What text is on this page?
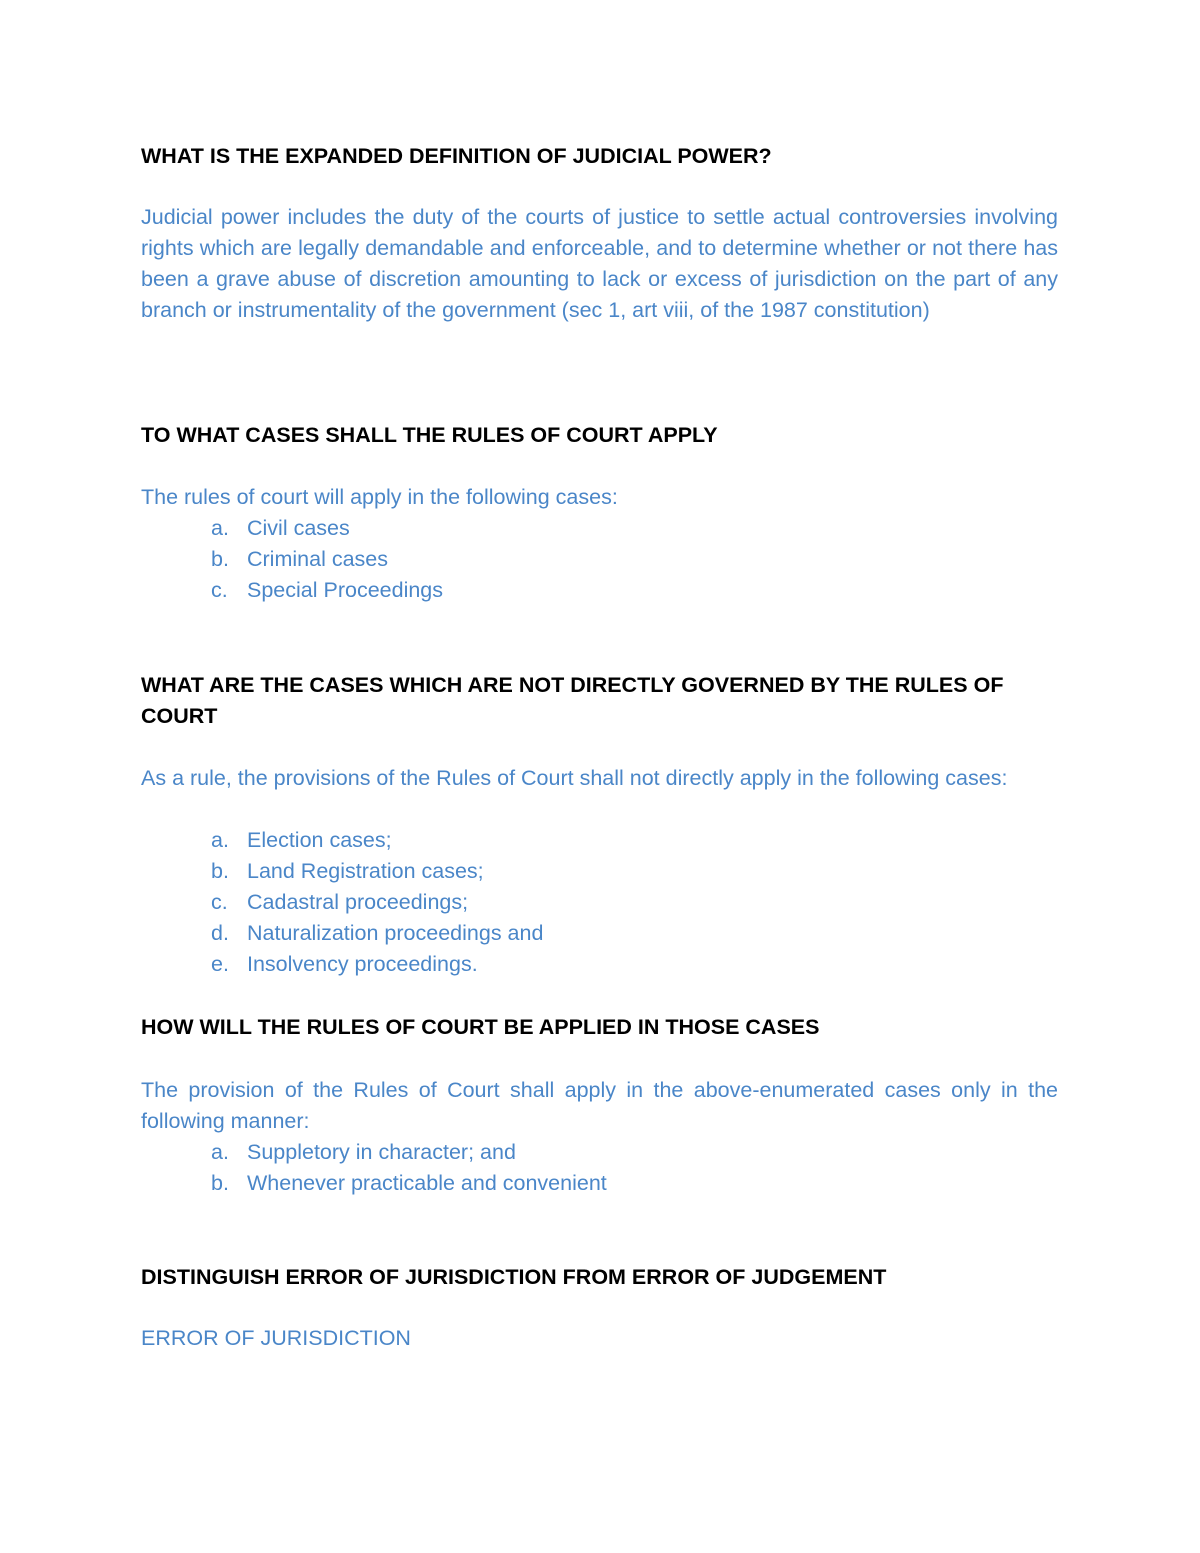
WHAT IS THE EXPANDED DEFINITION OF JUDICIAL POWER?

Judicial power includes the duty of the courts of justice to settle actual controversies involving rights which are legally demandable and enforceable, and to determine whether or not there has been a grave abuse of discretion amounting to lack or excess of jurisdiction on the part of any branch or instrumentality of the government (sec 1, art viii, of the 1987 constitution)

TO WHAT CASES SHALL THE RULES OF COURT APPLY

The rules of court will apply in the following cases:

a. Civil cases
b. Criminal cases
c. Special Proceedings
WHAT ARE THE CASES WHICH ARE NOT DIRECTLY GOVERNED BY THE RULES OF COURT

As a rule, the provisions of the Rules of Court shall not directly apply in the following cases:

a. Election cases;
b. Land Registration cases;
c. Cadastral proceedings;
d. Naturalization proceedings and
e. Insolvency proceedings.
HOW WILL THE RULES OF COURT BE APPLIED IN THOSE CASES

The provision of the Rules of Court shall apply in the above-enumerated cases only in the following manner:

a. Suppletory in character; and
b. Whenever practicable and convenient
DISTINGUISH ERROR OF JURISDICTION FROM ERROR OF JUDGEMENT

ERROR OF JURISDICTION
